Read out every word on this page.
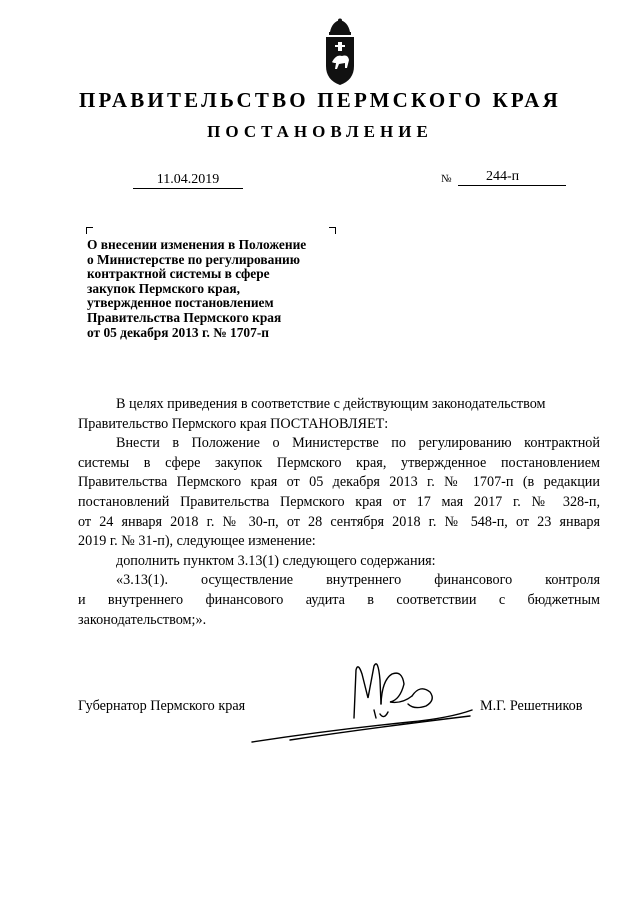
ПРАВИТЕЛЬСТВО ПЕРМСКОГО КРАЯ
ПОСТАНОВЛЕНИЕ
11.04.2019	№	244-п
О внесении изменения в Положение
о Министерстве по регулированию
контрактной системы в сфере
закупок Пермского края,
утвержденное постановлением
Правительства Пермского края
от 05 декабря 2013 г. № 1707-п
В целях приведения в соответствие с действующим законодательством
Правительство Пермского края ПОСТАНОВЛЯЕТ:
Внести в Положение о Министерстве по регулированию контрактной
системы в сфере закупок Пермского края, утвержденное постановлением
Правительства Пермского края от 05 декабря 2013 г. № 1707-п (в редакции
постановлений Правительства Пермского края от 17 мая 2017 г. № 328-п,
от 24 января 2018 г. № 30-п, от 28 сентября 2018 г. № 548-п, от 23 января
2019 г. № 31-п), следующее изменение:
дополнить пунктом 3.13(1) следующего содержания:
«3.13(1). осуществление внутреннего финансового контроля
и внутреннего финансового аудита в соответствии с бюджетным
законодательством;».
Губернатор Пермского края	М.Г. Решетников
